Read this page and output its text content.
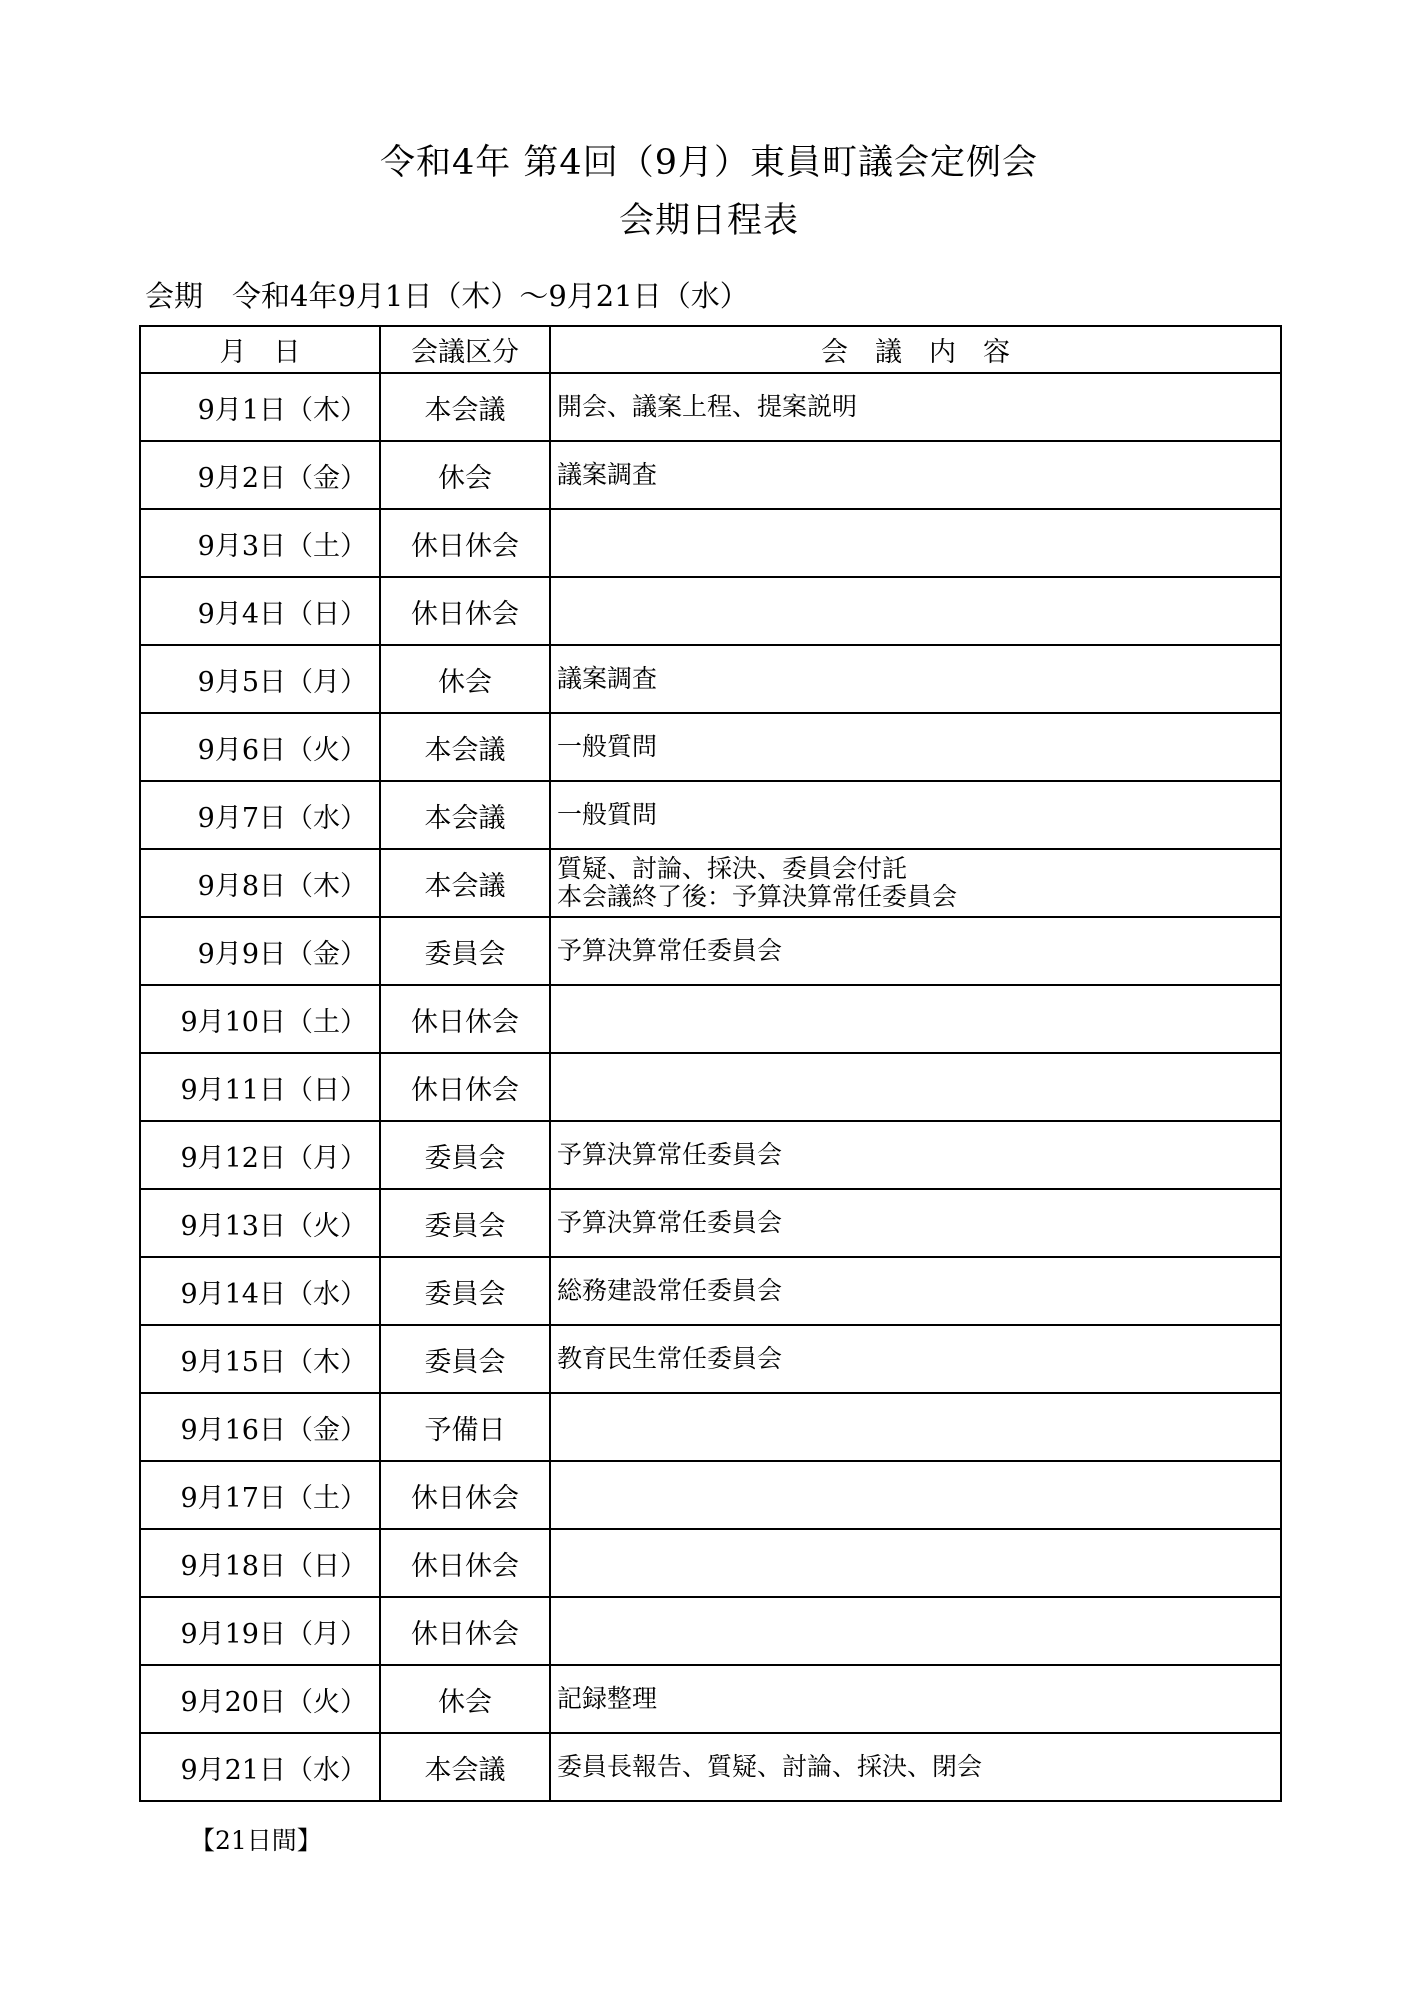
令和4年 第4回（9月）東員町議会定例会
会期日程表
会期　令和4年9月1日（木）～9月21日（水）
月　日	会議区分	会　議　内　容
9月1日（木）	本会議	開会、議案上程、提案説明

9月2日（金）	休会	議案調査

9月3日（土）	休日休会	
9月4日（日）	休日休会	
9月5日（月）	休会	議案調査

9月6日（火）	本会議	一般質問

9月7日（水）	本会議	一般質問

9月8日（木）	本会議	質疑、討論、採決、委員会付託
本会議終了後：予算決算常任委員会

9月9日（金）	委員会	予算決算常任委員会

9月10日（土）	休日休会	
9月11日（日）	休日休会	
9月12日（月）	委員会	予算決算常任委員会

9月13日（火）	委員会	予算決算常任委員会

9月14日（水）	委員会	総務建設常任委員会

9月15日（木）	委員会	教育民生常任委員会

9月16日（金）	予備日	
9月17日（土）	休日休会	
9月18日（日）	休日休会	
9月19日（月）	休日休会	
9月20日（火）	休会	記録整理

9月21日（水）	本会議	委員長報告、質疑、討論、採決、閉会
【21日間】
